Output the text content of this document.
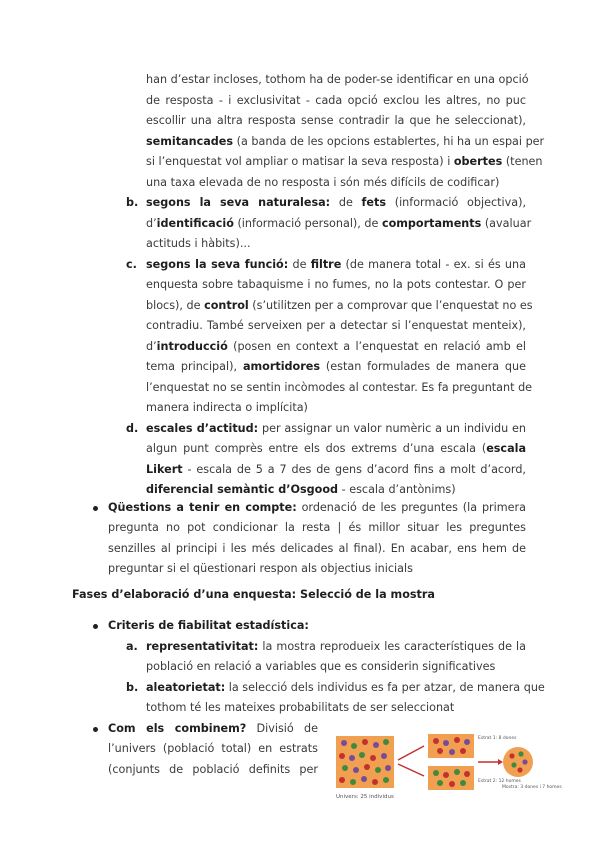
han d’estar incloses, tothom ha de poder-se identificar en una opció

de resposta - i exclusivitat - cada opció exclou les altres, no puc

escollir una altra resposta sense contradir la que he seleccionat),

semitancades (a banda de les opcions establertes, hi ha un espai per

si l’enquestat vol ampliar o matisar la seva resposta) i obertes (tenen

una taxa elevada de no resposta i són més difícils de codificar)

b. segons la seva naturalesa: de fets (informació objectiva),

d’identificació (informació personal), de comportaments (avaluar

actituds i hàbits)...

c. segons la seva funció: de filtre (de manera total - ex. si és una

enquesta sobre tabaquisme i no fumes, no la pots contestar. O per

blocs), de control (s’utilitzen per a comprovar que l’enquestat no es

contradiu. També serveixen per a detectar si l’enquestat menteix),

d’introducció (posen en context a l’enquestat en relació amb el

tema principal), amortidores (estan formulades de manera que

l’enquestat no se sentin incòmodes al contestar. Es fa preguntant de

manera indirecta o implícita)

d. escales d’actitud: per assignar un valor numèric a un individu en

algun punt comprès entre els dos extrems d’una escala (escala

Likert - escala de 5 a 7 des de gens d’acord fins a molt d’acord,

diferencial semàntic d’Osgood - escala d’antònims)

Qüestions a tenir en compte: ordenació de les preguntes (la primera

pregunta no pot condicionar la resta | és millor situar les preguntes

senzilles al principi i les més delicades al final). En acabar, ens hem de

preguntar si el qüestionari respon als objectius inicials

Fases d’elaboració d’una enquesta: Selecció de la mostra

Criteris de fiabilitat estadística:

a. representativitat: la mostra reprodueix les característiques de la

població en relació a variables que es considerin significatives

b. aleatorietat: la selecció dels individus es fa per atzar, de manera que

tothom té les mateixes probabilitats de ser seleccionat

Com els combinem? Divisió de

l’univers (població total) en estrats

(conjunts de població definits per

Univers: 25 individus
Estrat 1: 8 dones
Estrat 2: 12 homes
Mostra: 3 dones i 7 homes
